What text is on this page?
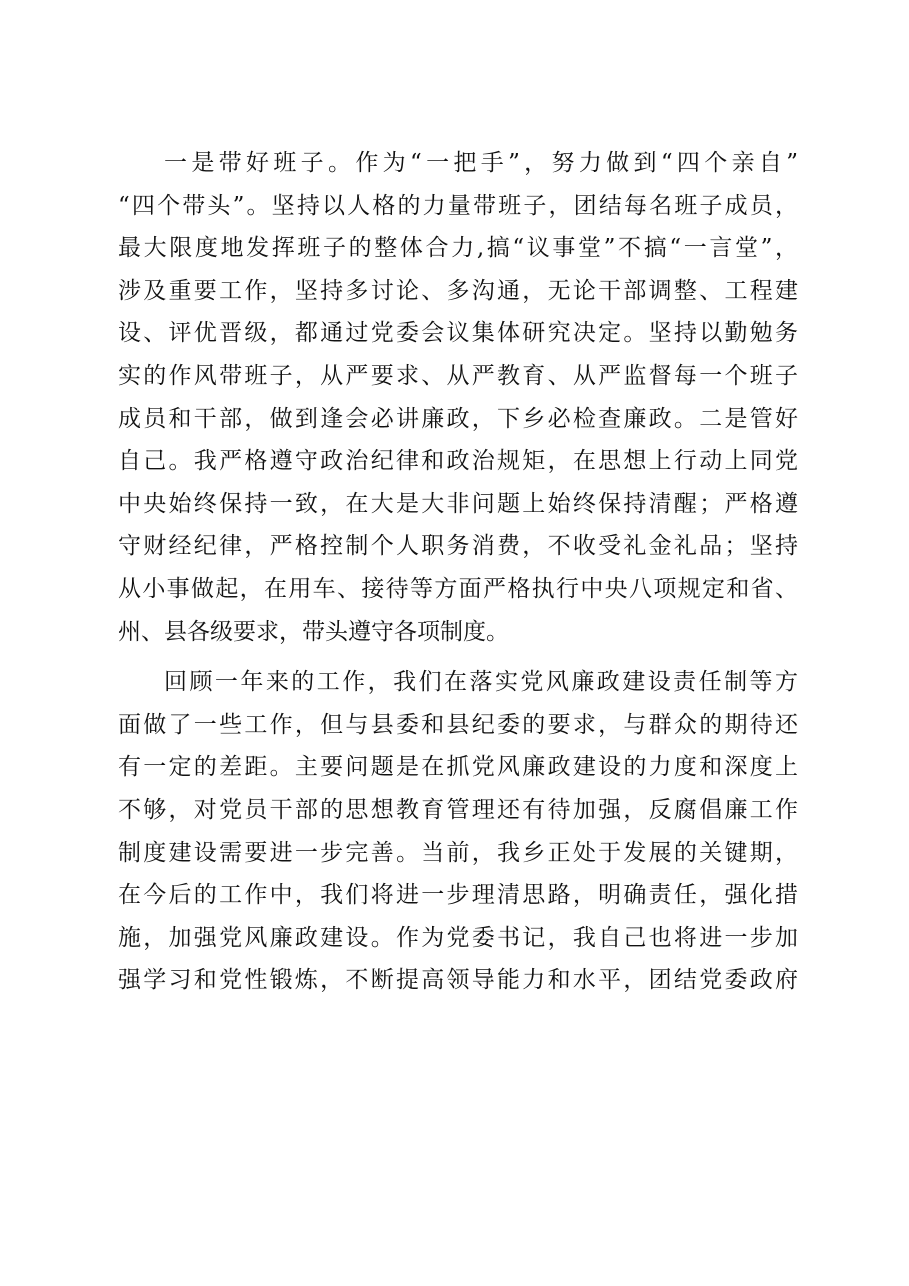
一是带好班子。作为“一把手”，努力做到“四个亲自”
“四个带头”。坚持以人格的力量带班子，团结每名班子成员，
最大限度地发挥班子的整体合力,搞“议事堂”不搞“一言堂”，
涉及重要工作，坚持多讨论、多沟通，无论干部调整、工程建
设、评优晋级，都通过党委会议集体研究决定。坚持以勤勉务
实的作风带班子，从严要求、从严教育、从严监督每一个班子
成员和干部，做到逢会必讲廉政，下乡必检查廉政。二是管好
自己。我严格遵守政治纪律和政治规矩，在思想上行动上同党
中央始终保持一致，在大是大非问题上始终保持清醒；严格遵
守财经纪律，严格控制个人职务消费，不收受礼金礼品；坚持
从小事做起，在用车、接待等方面严格执行中央八项规定和省、
州、县各级要求，带头遵守各项制度。
回顾一年来的工作，我们在落实党风廉政建设责任制等方
面做了一些工作，但与县委和县纪委的要求，与群众的期待还
有一定的差距。主要问题是在抓党风廉政建设的力度和深度上
不够，对党员干部的思想教育管理还有待加强，反腐倡廉工作
制度建设需要进一步完善。当前，我乡正处于发展的关键期，
在今后的工作中，我们将进一步理清思路，明确责任，强化措
施，加强党风廉政建设。作为党委书记，我自己也将进一步加
强学习和党性锻炼，不断提高领导能力和水平，团结党委政府
